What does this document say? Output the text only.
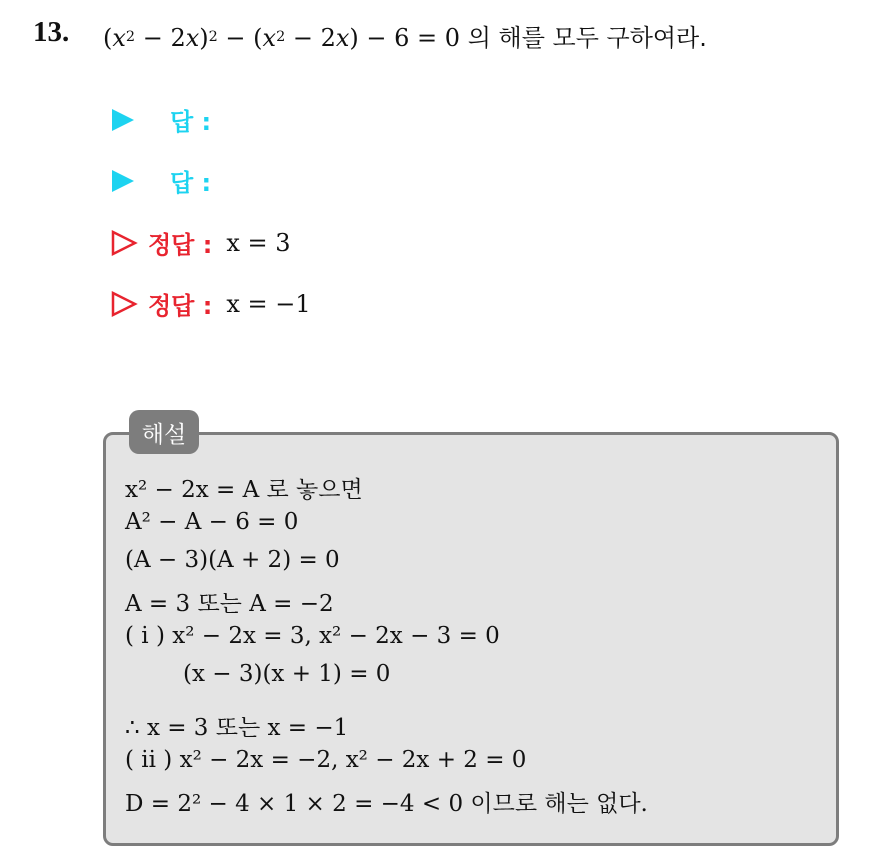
13. $(x^2 - 2x)^2 - (x^2 - 2x) - 6 = 0$ 의 해를 모두 구하여라.
답 :
답 :
정답 : x = 3
정답 : x = −1
해설
x² − 2x = A 로 놓으면
A² − A − 6 = 0
(A − 3)(A + 2) = 0
A = 3 또는 A = −2
( i ) x² − 2x = 3, x² − 2x − 3 = 0
(x − 3)(x + 1) = 0
∴ x = 3 또는 x = −1
( ii ) x² − 2x = −2, x² − 2x + 2 = 0
D = 2² − 4 × 1 × 2 = −4 < 0 이므로 해는 없다.
